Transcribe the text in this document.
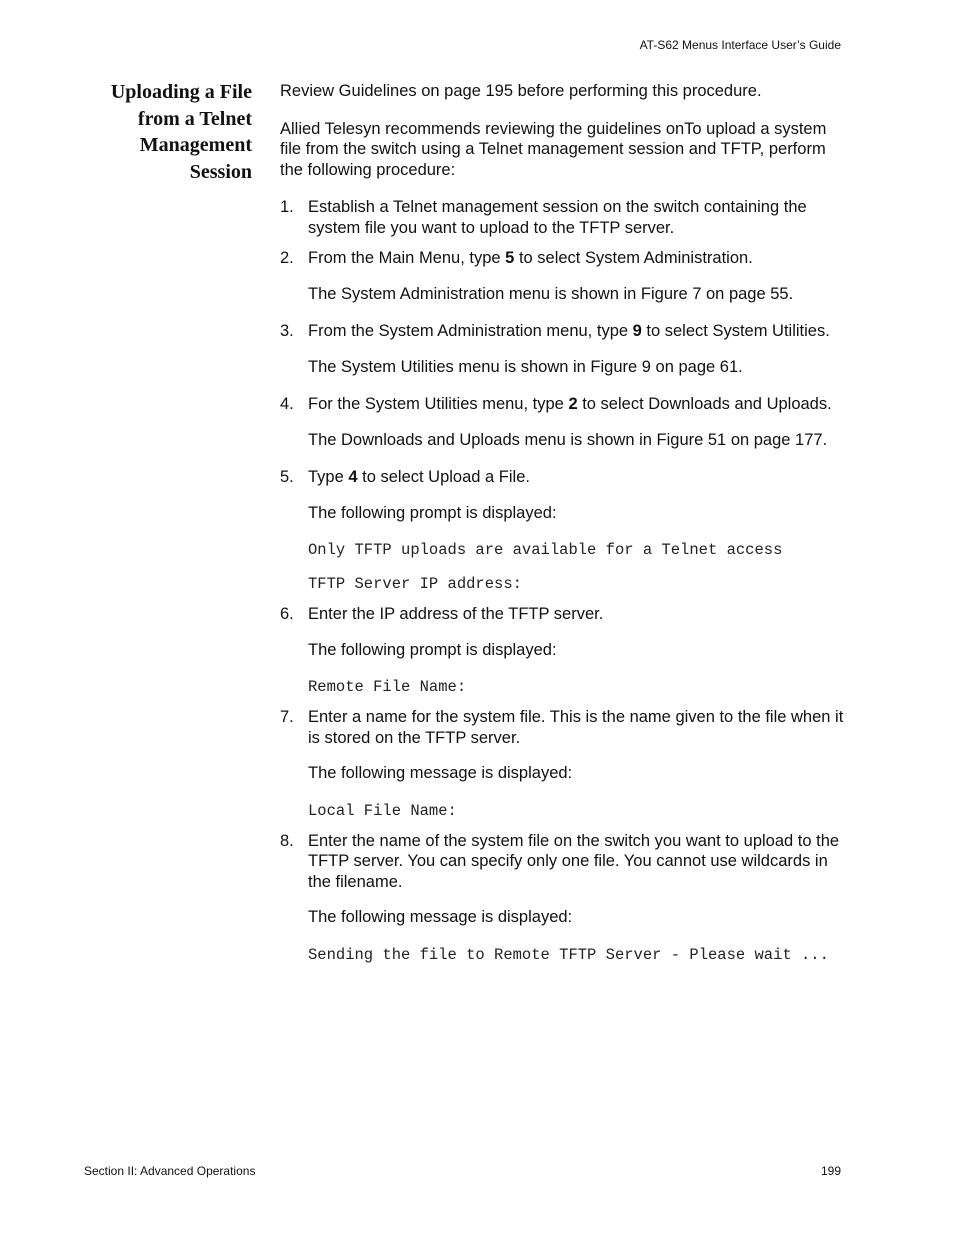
AT-S62 Menus Interface User’s Guide
Uploading a File
from a Telnet
Management
Session

Review Guidelines on page 195 before performing this procedure.

Allied Telesyn recommends reviewing the guidelines onTo upload a system file from the switch using a Telnet management session and TFTP, perform the following procedure:

1. Establish a Telnet management session on the switch containing the system file you want to upload to the TFTP server.

2. From the Main Menu, type 5 to select System Administration.

The System Administration menu is shown in Figure 7 on page 55.

3. From the System Administration menu, type 9 to select System Utilities.

The System Utilities menu is shown in Figure 9 on page 61.

4. For the System Utilities menu, type 2 to select Downloads and Uploads.

The Downloads and Uploads menu is shown in Figure 51 on page 177.

5. Type 4 to select Upload a File.

The following prompt is displayed:

Only TFTP uploads are available for a Telnet access

TFTP Server IP address:

6. Enter the IP address of the TFTP server.

The following prompt is displayed:

Remote File Name:

7. Enter a name for the system file. This is the name given to the file when it is stored on the TFTP server.

The following message is displayed:

Local File Name:

8. Enter the name of the system file on the switch you want to upload to the TFTP server. You can specify only one file. You cannot use wildcards in the filename.

The following message is displayed:

Sending the file to Remote TFTP Server - Please wait ...

Section II: Advanced Operations	199
